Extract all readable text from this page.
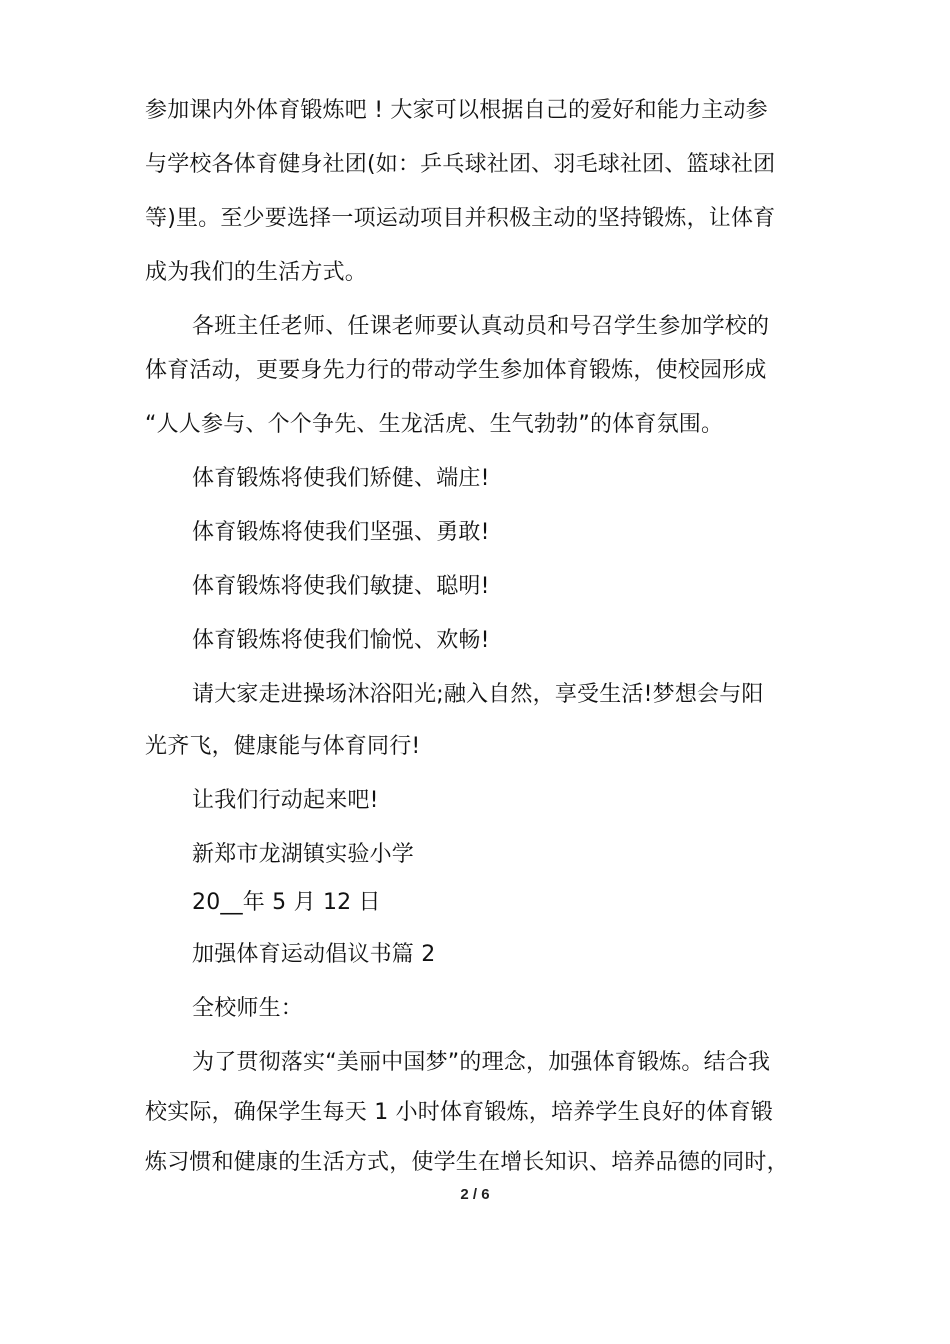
参加课内外体育锻炼吧 ! 大家可以根据自己的爱好和能力主动参
与学校各体育健身社团(如：乒乓球社团、羽毛球社团、篮球社团
等)里。至少要选择一项运动项目并积极主动的坚持锻炼，让体育
成为我们的生活方式。
各班主任老师、任课老师要认真动员和号召学生参加学校的
体育活动，更要身先力行的带动学生参加体育锻炼，使校园形成
“人人参与、个个争先、生龙活虎、生气勃勃”的体育氛围。
体育锻炼将使我们矫健、端庄!
体育锻炼将使我们坚强、勇敢!
体育锻炼将使我们敏捷、聪明!
体育锻炼将使我们愉悦、欢畅!
请大家走进操场沐浴阳光;融入自然，享受生活!梦想会与阳
光齐飞，健康能与体育同行!
让我们行动起来吧!
新郑市龙湖镇实验小学
20__年 5 月 12 日
加强体育运动倡议书篇 2
全校师生：
为了贯彻落实“美丽中国梦”的理念，加强体育锻炼。结合我
校实际，确保学生每天 1 小时体育锻炼，培养学生良好的体育锻
炼习惯和健康的生活方式，使学生在增长知识、培养品德的同时，
2 / 6
